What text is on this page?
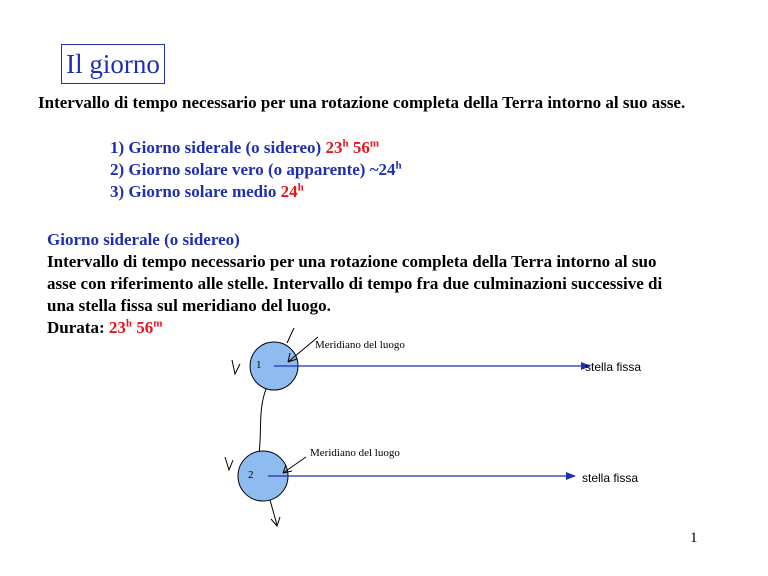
Il giorno
Intervallo di tempo necessario per una rotazione completa della Terra intorno al suo asse.
1) Giorno siderale (o sidereo) 23$^h$ 56$^m$
2) Giorno solare vero (o apparente) ~24$^h$
3) Giorno solare medio 24$^h$
Giorno siderale (o sidereo)
Intervallo di tempo necessario per una rotazione completa della Terra intorno al suo asse con riferimento alle stelle. Intervallo di tempo fra due culminazioni successive di una stella fissa sul meridiano del luogo.
Durata: 23$^h$ 56$^m$
1
Meridiano del luogo
stella fissa
2
Meridiano del luogo
stella fissa
1
